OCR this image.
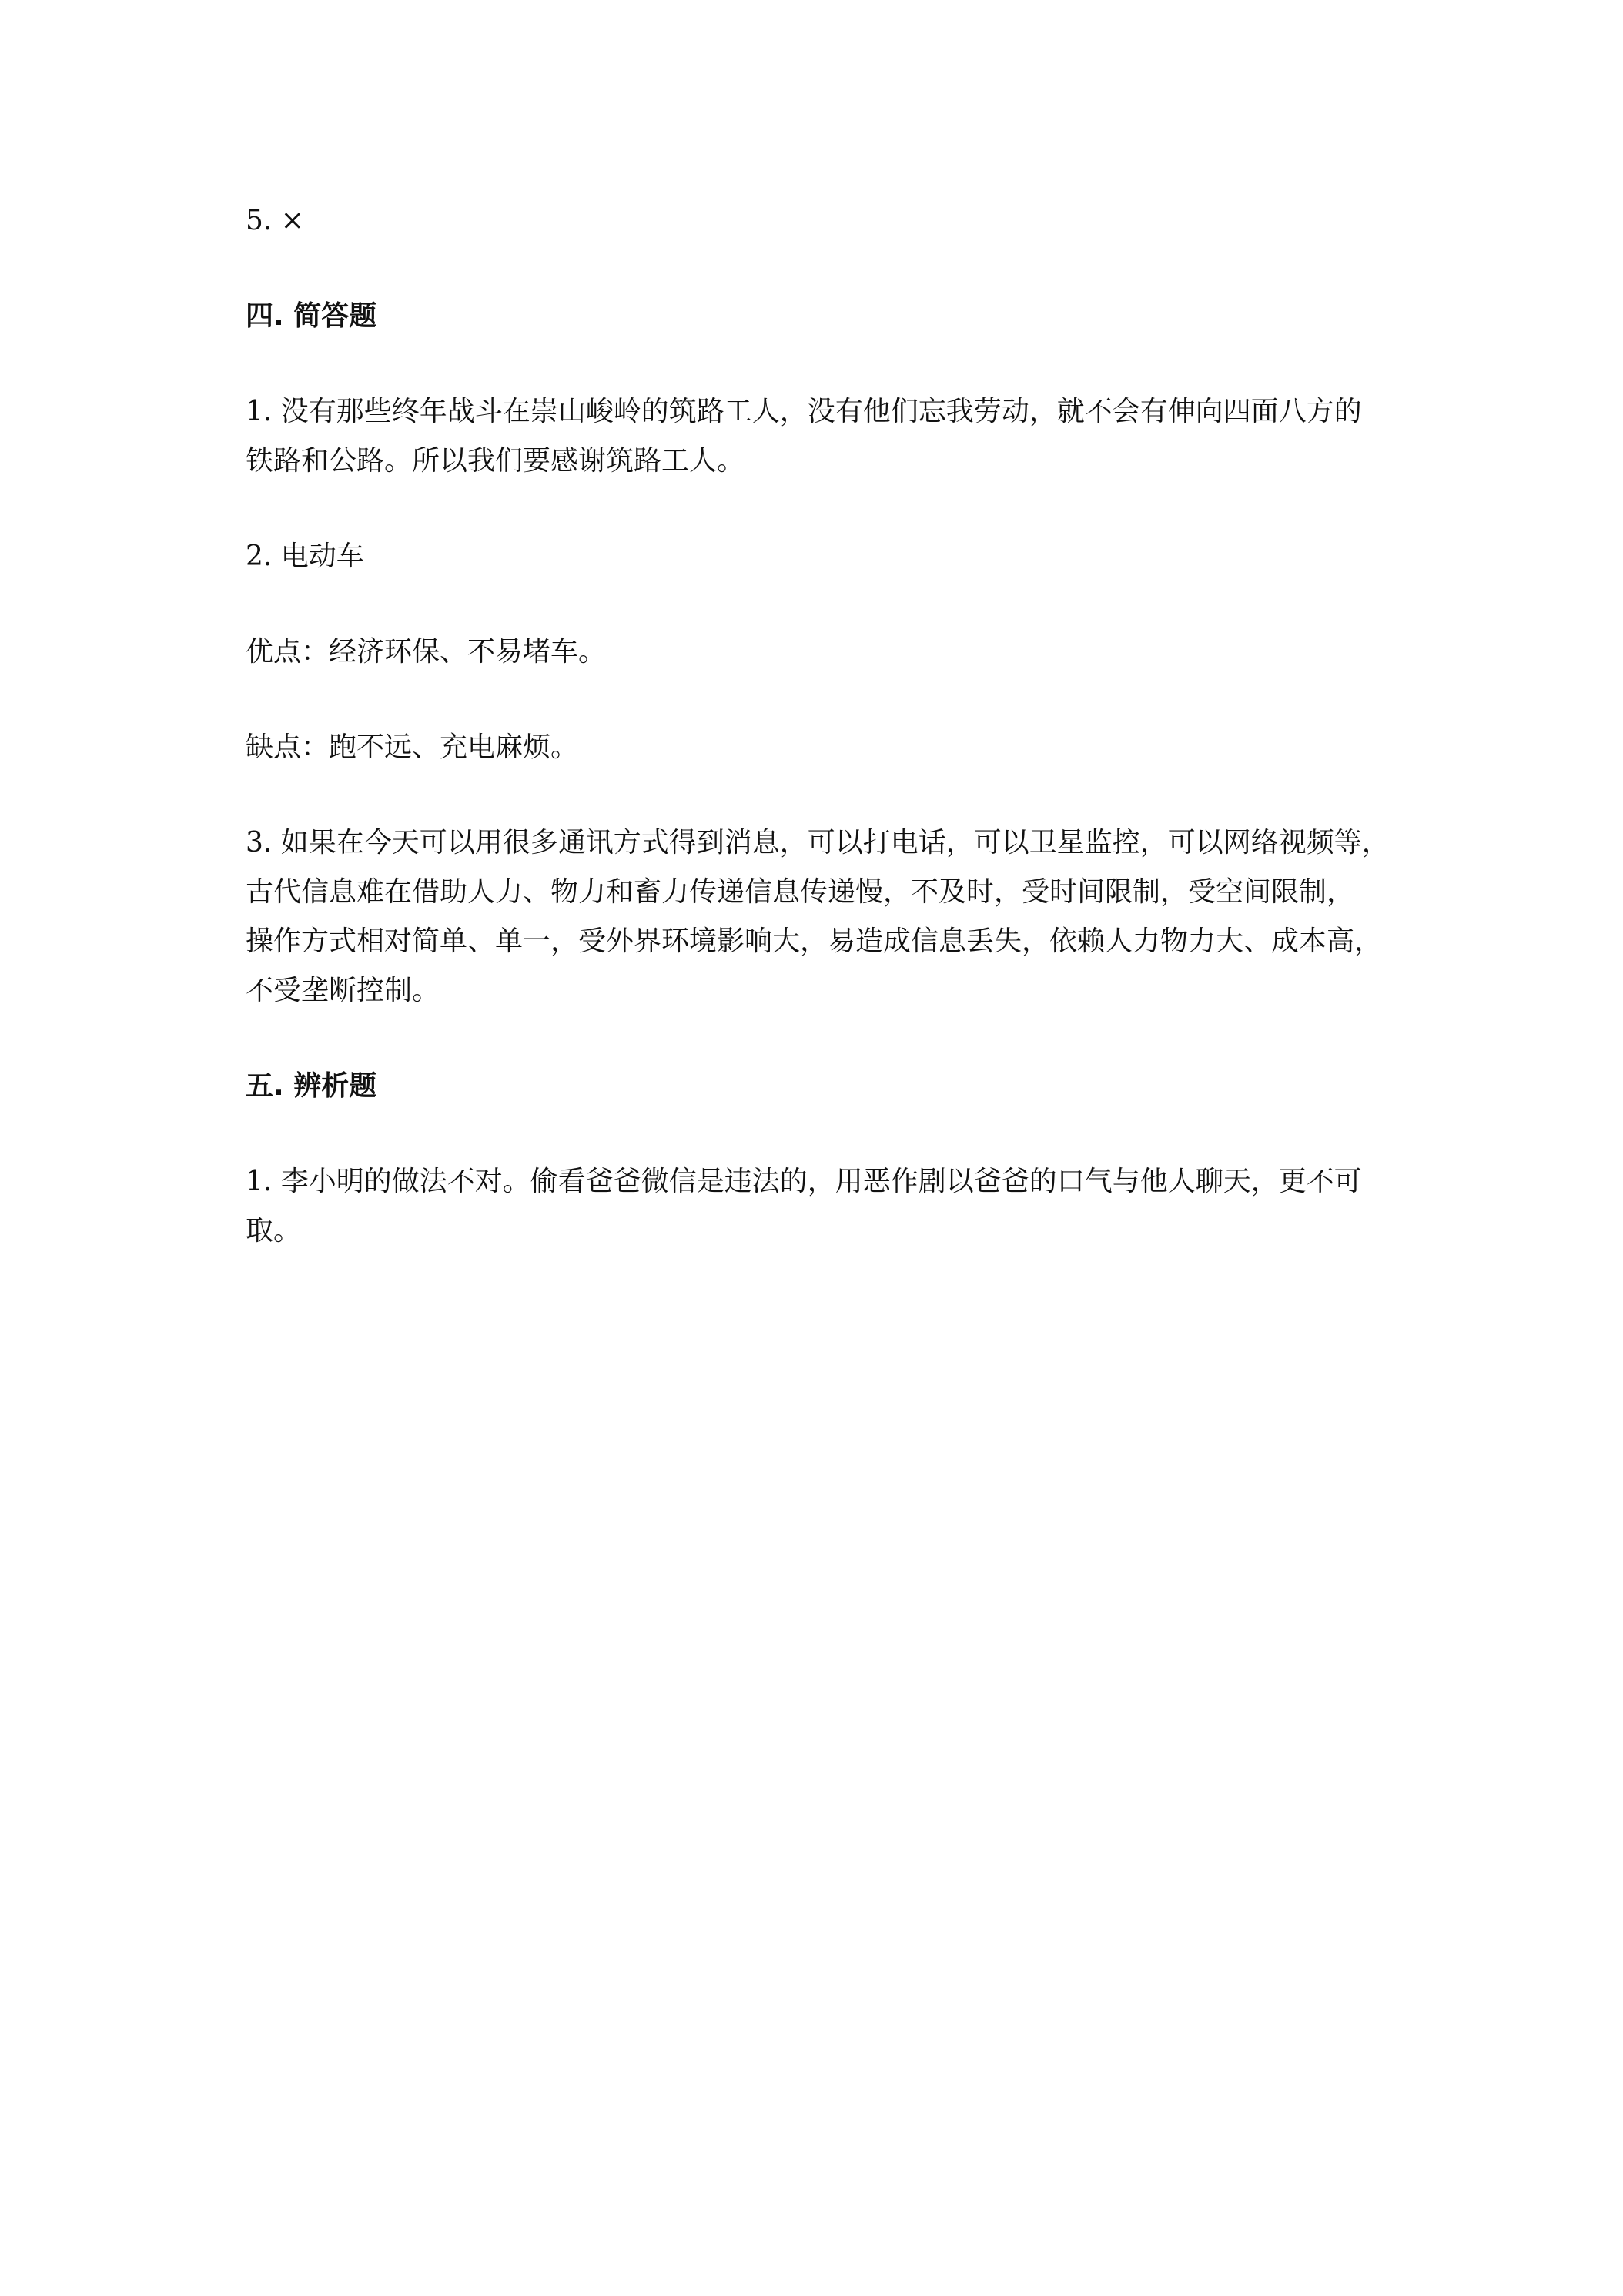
5. ×

四. 简答题

1. 没有那些终年战斗在崇山峻岭的筑路工人，没有他们忘我劳动，就不会有伸向四面八方的
铁路和公路。所以我们要感谢筑路工人。

2. 电动车

优点：经济环保、不易堵车。

缺点：跑不远、充电麻烦。

3. 如果在今天可以用很多通讯方式得到消息，可以打电话，可以卫星监控，可以网络视频等，
古代信息难在借助人力、物力和畜力传递信息传递慢，不及时，受时间限制，受空间限制，
操作方式相对简单、单一，受外界环境影响大，易造成信息丢失，依赖人力物力大、成本高，
不受垄断控制。

五. 辨析题

1. 李小明的做法不对。偷看爸爸微信是违法的，用恶作剧以爸爸的口气与他人聊天，更不可
取。
